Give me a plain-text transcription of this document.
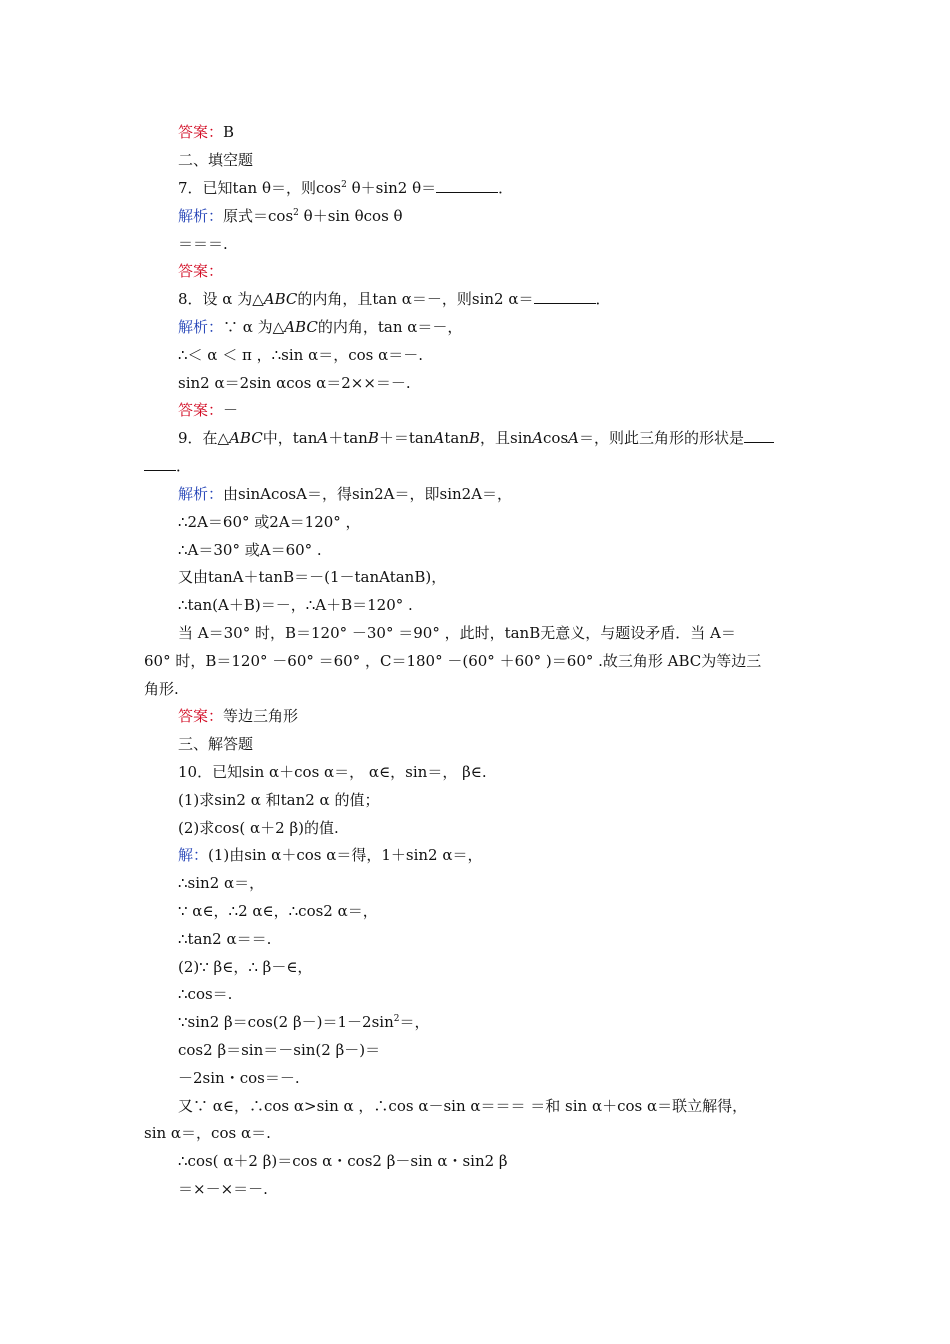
答案：B
二、填空题
7．已知tan θ＝，则$\cos^2 \theta+\sin 2$ θ＝	．
解析：原式$=\cos^2$ θ＋sin θcos θ
＝＝＝.
答案：
8．设 α 为△ABC的内角，且tan α＝－，则sin2 α＝	．
解析：∵ α 为△ABC的内角，tan α＝－，
∴＜ α ＜ π ，∴sin α＝，cos α＝－.
sin2 α＝2sin αcos α＝2××＝－.
答案：－
9．在△ABC中，tanA＋tanB＋＝tanAtanB，且sinAcosA＝，则此三角形的形状是
．
解析：由sinAcosA＝，得sin2A＝，即sin2A＝，
∴2A＝60° 或2A＝120° ，
∴A＝30° 或A＝60° .
又由tanA＋tanB＝－(1－tanAtanB)，
∴tan(A＋B)＝－，∴A＋B＝120° .
当 A＝30° 时，B＝120° －30° ＝90° ，此时，tanB无意义，与题设矛盾．当 A＝
60° 时，B＝120° －60° ＝60° ，C＝180° －(60° ＋60° )＝60° .故三角形 ABC为等边三
角形.
答案：等边三角形
三、解答题
10．已知sin α＋cos α＝， α∈，sin＝， β∈.
(1)求sin2 α 和tan2 α 的值；
(2)求cos( α＋2 β)的值.
解：(1)由sin α＋cos α＝得，1＋sin2 α＝，
∴sin2 α＝，
∵ α∈，∴2 α∈，∴cos2 α＝，
∴tan2 α＝＝.
(2)∵ β∈，∴ β－∈，
∴cos＝.
∵sin2 β＝cos(2 $\beta-)=1-2\sin^2=$，
cos2 β＝sin＝－sin(2 β－)＝
－2sin・cos＝－.
又∵ α∈，∴cos α>sin α ，∴cos α－sin α＝＝＝ ＝和 sin α＋cos α＝联立解得，
sin α＝，cos α＝.
∴cos( α＋2 β)＝cos α・cos2 β－sin α・sin2 β
＝×－×＝－.
